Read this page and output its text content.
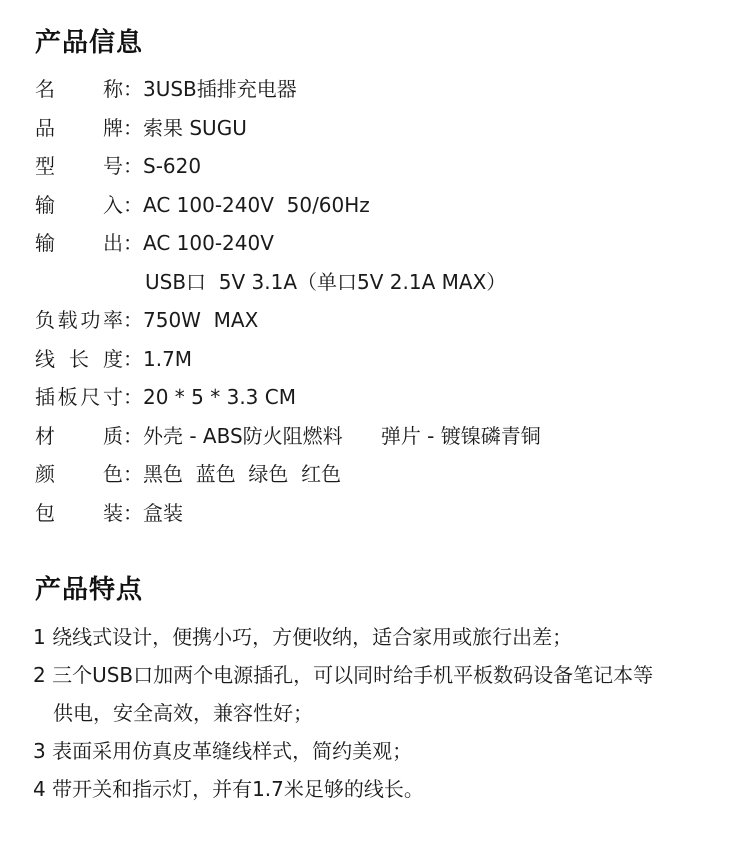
产品信息
名 称 ： 3USB插排充电器
品 牌 ： 索果 SUGU
型 号 ： S-620
输 入 ： AC 100-240V  50/60Hz
输 出 ： AC 100-240V
USB口  5V 3.1A（单口5V 2.1A MAX）
负 载 功 率 ： 750W  MAX
线 长 度 ： 1.7M
插 板 尺 寸 ： 20 * 5 * 3.3 CM
材 质 ： 外壳 - ABS防火阻燃料      弹片 - 镀镍磷青铜
颜 色 ： 黑色  蓝色  绿色  红色
包 装 ： 盒装
产品特点
1 绕线式设计，便携小巧，方便收纳，适合家用或旅行出差；
2 三个USB口加两个电源插孔，可以同时给手机平板数码设备笔记本等
供电，安全高效，兼容性好；
3 表面采用仿真皮革缝线样式，简约美观；
4 带开关和指示灯，并有1.7米足够的线长。
